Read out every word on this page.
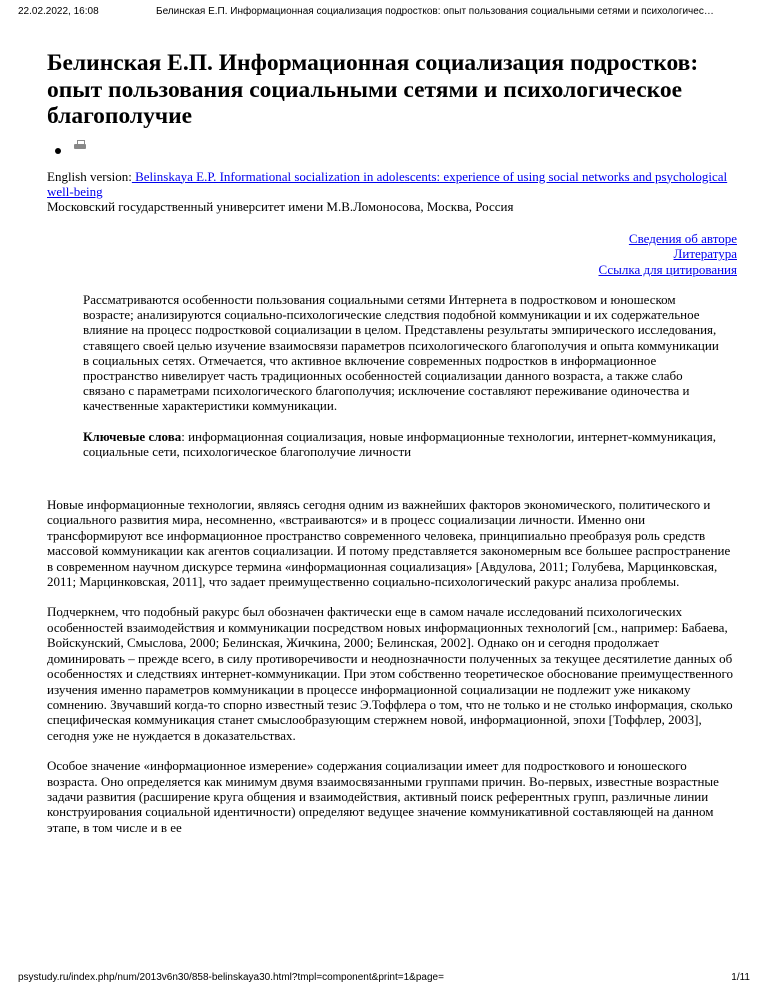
22.02.2022, 16:08	Белинская Е.П. Информационная социализация подростков: опыт пользования социальными сетями и психологичес…
Белинская Е.П. Информационная социализация подростков: опыт пользования социальными сетями и психологическое благополучие
English version: Belinskaya E.P. Informational socialization in adolescents: experience of using social networks and psychological well-being
Московский государственный университет имени М.В.Ломоносова, Москва, Россия
Сведения об авторе
Литература
Ссылка для цитирования

Рассматриваются особенности пользования социальными сетями Интернета в подростковом и юношеском возрасте; анализируются социально-психологические следствия подобной коммуникации и их содержательное влияние на процесс подростковой социализации в целом. Представлены результаты эмпирического исследования, ставящего своей целью изучение взаимосвязи параметров психологического благополучия и опыта коммуникации в социальных сетях. Отмечается, что активное включение современных подростков в информационное пространство нивелирует часть традиционных особенностей социализации данного возраста, а также слабо связано с параметрами психологического благополучия; исключение составляют переживание одиночества и качественные характеристики коммуникации.

Ключевые слова: информационная социализация, новые информационные технологии, интернет-коммуникация, социальные сети, психологическое благополучие личности

Новые информационные технологии, являясь сегодня одним из важнейших факторов экономического, политического и социального развития мира, несомненно, «встраиваются» и в процесс социализации личности. Именно они трансформируют все информационное пространство современного человека, принципиально преобразуя роль средств массовой коммуникации как агентов социализации. И потому представляется закономерным все большее распространение в современном научном дискурсе термина «информационная социализация» [Авдулова, 2011; Голубева, Марцинковская, 2011; Марцинковская, 2011], что задает преимущественно социально-психологический ракурс анализа проблемы.

Подчеркнем, что подобный ракурс был обозначен фактически еще в самом начале исследований психологических особенностей взаимодействия и коммуникации посредством новых информационных технологий [см., например: Бабаева, Войскунский, Смыслова, 2000; Белинская, Жичкина, 2000; Белинская, 2002]. Однако он и сегодня продолжает доминировать – прежде всего, в силу противоречивости и неоднозначности полученных за текущее десятилетие данных об особенностях и следствиях интернет-коммуникации. При этом собственно теоретическое обоснование преимущественного изучения именно параметров коммуникации в процессе информационной социализации не подлежит уже никакому сомнению. Звучавший когда-то спорно известный тезис Э.Тоффлера о том, что не только и не столько информация, сколько специфическая коммуникация станет смыслообразующим стержнем новой, информационной, эпохи [Тоффлер, 2003], сегодня уже не нуждается в доказательствах.

Особое значение «информационное измерение» содержания социализации имеет для подросткового и юношеского возраста. Оно определяется как минимум двумя взаимосвязанными группами причин. Во-первых, известные возрастные задачи развития (расширение круга общения и взаимодействия, активный поиск референтных групп, различные линии конструирования социальной идентичности) определяют ведущее значение коммуникативной составляющей на данном этапе, в том числе и в ее

psystudy.ru/index.php/num/2013v6n30/858-belinskaya30.html?tmpl=component&print=1&page=	1/11
